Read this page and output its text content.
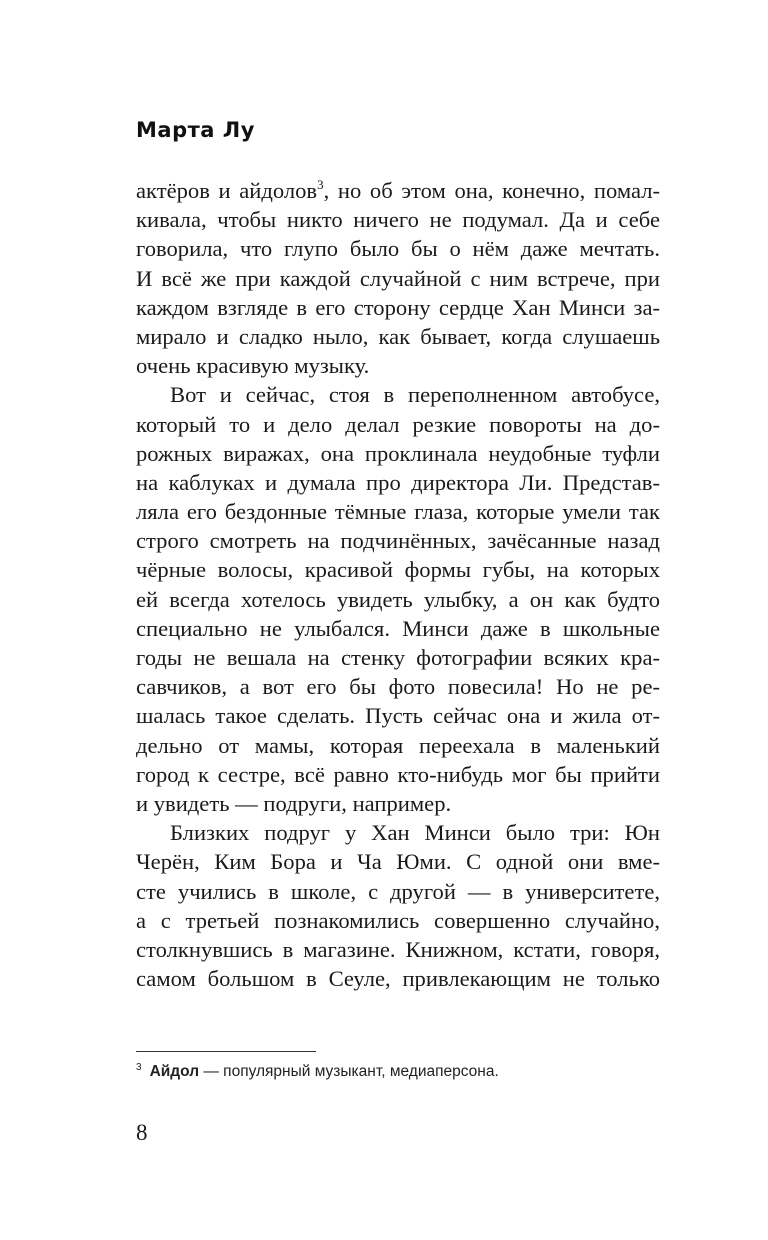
Марта Лу
актёров и айдолов$^3$, но об этом она, конечно, помал-
кивала, чтобы никто ничего не подумал. Да и себе
говорила, что глупо было бы о нём даже мечтать.
И всё же при каждой случайной с ним встрече, при
каждом взгляде в его сторону сердце Хан Минси за-
мирало и сладко ныло, как бывает, когда слушаешь
очень красивую музыку.
Вот и сейчас, стоя в переполненном автобусе,
который то и дело делал резкие повороты на до-
рожных виражах, она проклинала неудобные туфли
на каблуках и думала про директора Ли. Представ-
ляла его бездонные тёмные глаза, которые умели так
строго смотреть на подчинённых, зачёсанные назад
чёрные волосы, красивой формы губы, на которых
ей всегда хотелось увидеть улыбку, а он как будто
специально не улыбался. Минси даже в школьные
годы не вешала на стенку фотографии всяких кра-
савчиков, а вот его бы фото повесила! Но не ре-
шалась такое сделать. Пусть сейчас она и жила от-
дельно от мамы, которая переехала в маленький
город к сестре, всё равно кто-нибудь мог бы прийти
и увидеть — подруги, например.
Близких подруг у Хан Минси было три: Юн
Черён, Ким Бора и Ча Юми. С одной они вме-
сте учились в школе, с другой — в университете,
а с третьей познакомились совершенно случайно,
столкнувшись в магазине. Книжном, кстати, говоря,
самом большом в Сеуле, привлекающим не только
$^3$ Айдол — популярный музыкант, медиаперсона.
8
